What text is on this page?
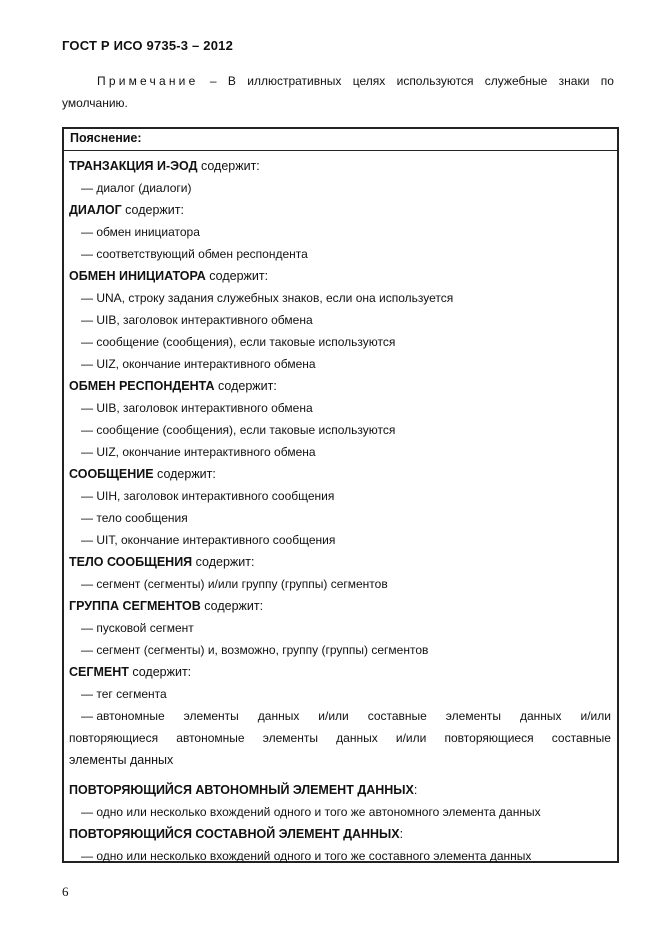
ГОСТ Р ИСО 9735-3 – 2012
Примечание – В иллюстративных целях используются служебные знаки по
умолчанию.
Пояснение:
ТРАНЗАКЦИЯ И-ЭОД содержит:
— диалог (диалоги)
ДИАЛОГ содержит:
— обмен инициатора
— соответствующий обмен респондента
ОБМЕН ИНИЦИАТОРА содержит:
— UNA, строку задания служебных знаков, если она используется
— UIB, заголовок интерактивного обмена
— сообщение (сообщения), если таковые используются
— UIZ, окончание интерактивного обмена
ОБМЕН РЕСПОНДЕНТА содержит:
— UIB, заголовок интерактивного обмена
— сообщение (сообщения), если таковые используются
— UIZ, окончание интерактивного обмена
СООБЩЕНИЕ содержит:
— UIH, заголовок интерактивного сообщения
— тело сообщения
— UIT, окончание интерактивного сообщения
ТЕЛО СООБЩЕНИЯ содержит:
— сегмент (сегменты) и/или группу (группы) сегментов
ГРУППА СЕГМЕНТОВ содержит:
— пусковой сегмент
— сегмент (сегменты) и, возможно, группу (группы) сегментов
СЕГМЕНТ содержит:
— тег сегмента
— автономные элементы данных и/или составные элементы данных и/или
повторяющиеся автономные элементы данных и/или повторяющиеся составные
элементы данных
ПОВТОРЯЮЩИЙСЯ АВТОНОМНЫЙ ЭЛЕМЕНТ ДАННЫХ:
— одно или несколько вхождений одного и того же автономного элемента данных
ПОВТОРЯЮЩИЙСЯ СОСТАВНОЙ ЭЛЕМЕНТ ДАННЫХ:
— одно или несколько вхождений одного и того же составного элемента данных
6
